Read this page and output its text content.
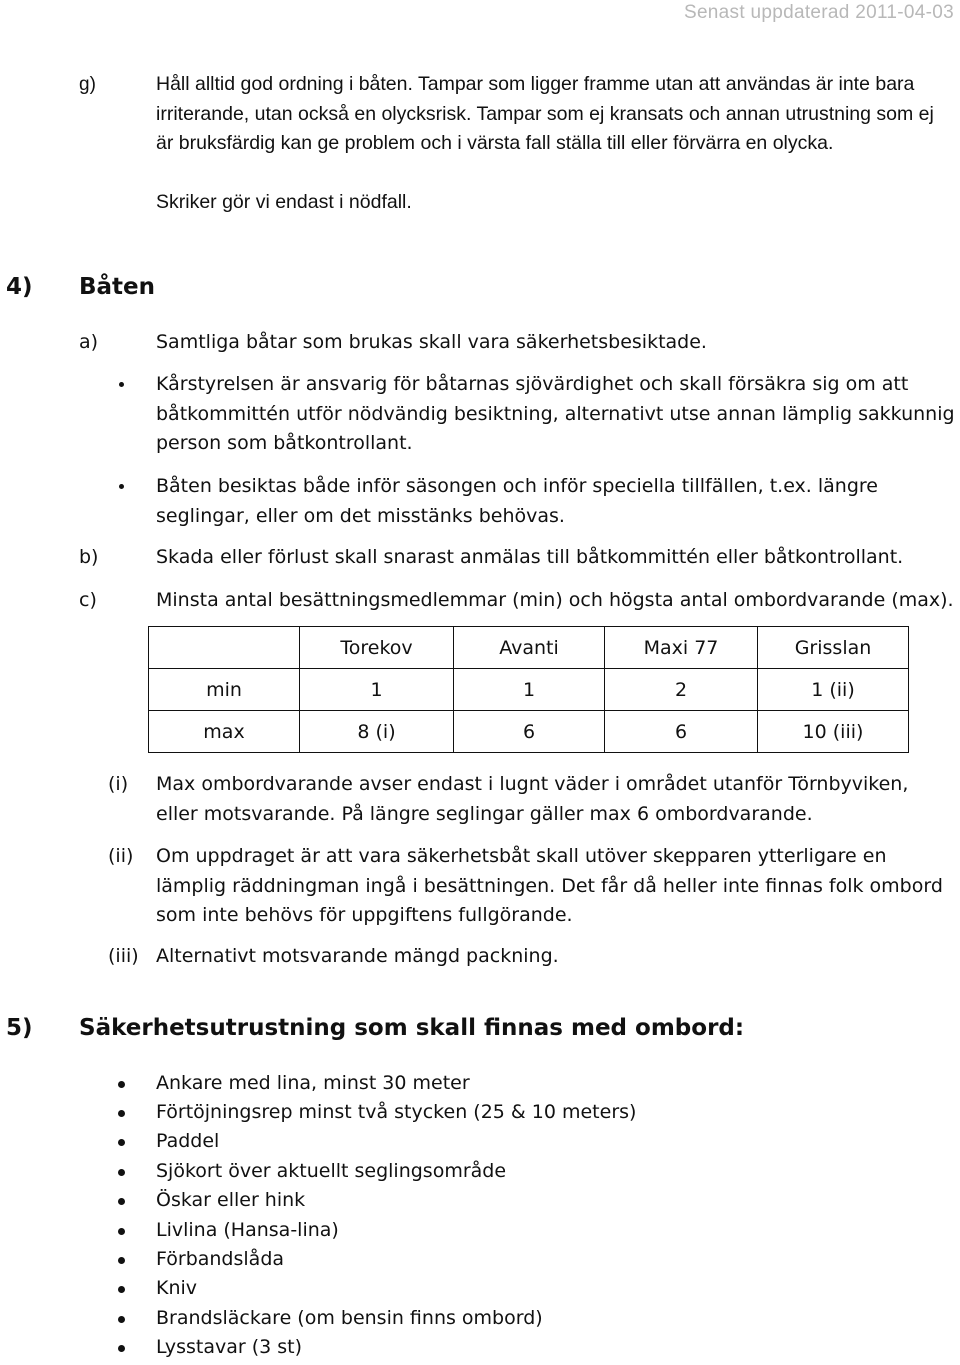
Senast uppdaterad 2011-04-03
g)	Håll alltid god ordning i båten. Tampar som ligger framme utan att användas är inte bara irriterande, utan också en olycksrisk. Tampar som ej kransats och annan utrustning som ej är bruksfärdig kan ge problem och i värsta fall ställa till eller förvärra en olycka.
Skriker gör vi endast i nödfall.
4) Båten
a)	Samtliga båtar som brukas skall vara säkerhetsbesiktade.
Kårstyrelsen är ansvarig för båtarnas sjövärdighet och skall försäkra sig om att båtkommittén utför nödvändig besiktning, alternativt utse annan lämplig sakkunnig person som båtkontrollant.
Båten besiktas både inför säsongen och inför speciella tillfällen, t.ex. längre seglingar, eller om det misstänks behövas.
b)	Skada eller förlust skall snarast anmälas till båtkommittén eller båtkontrollant.
c)	Minsta antal besättningsmedlemmar (min) och högsta antal ombordvarande (max).
	Torekov	Avanti	Maxi 77	Grisslan
min	1	1	2	1 (ii)
max	8 (i)	6	6	10 (iii)
(i) Max ombordvarande avser endast i lugnt väder i området utanför Törnbyviken, eller motsvarande. På längre seglingar gäller max 6 ombordvarande.
(ii) Om uppdraget är att vara säkerhetsbåt skall utöver skepparen ytterligare en lämplig räddningman ingå i besättningen. Det får då heller inte finnas folk ombord som inte behövs för uppgiftens fullgörande.
(iii) Alternativt motsvarande mängd packning.
5) Säkerhetsutrustning som skall finnas med ombord:
Ankare med lina, minst 30 meter
Förtöjningsrep minst två stycken (25 & 10 meters)
Paddel
Sjökort över aktuellt seglingsområde
Öskar eller hink
Livlina (Hansa-lina)
Förbandslåda
Kniv
Brandsläckare (om bensin finns ombord)
Lysstavar (3 st)
